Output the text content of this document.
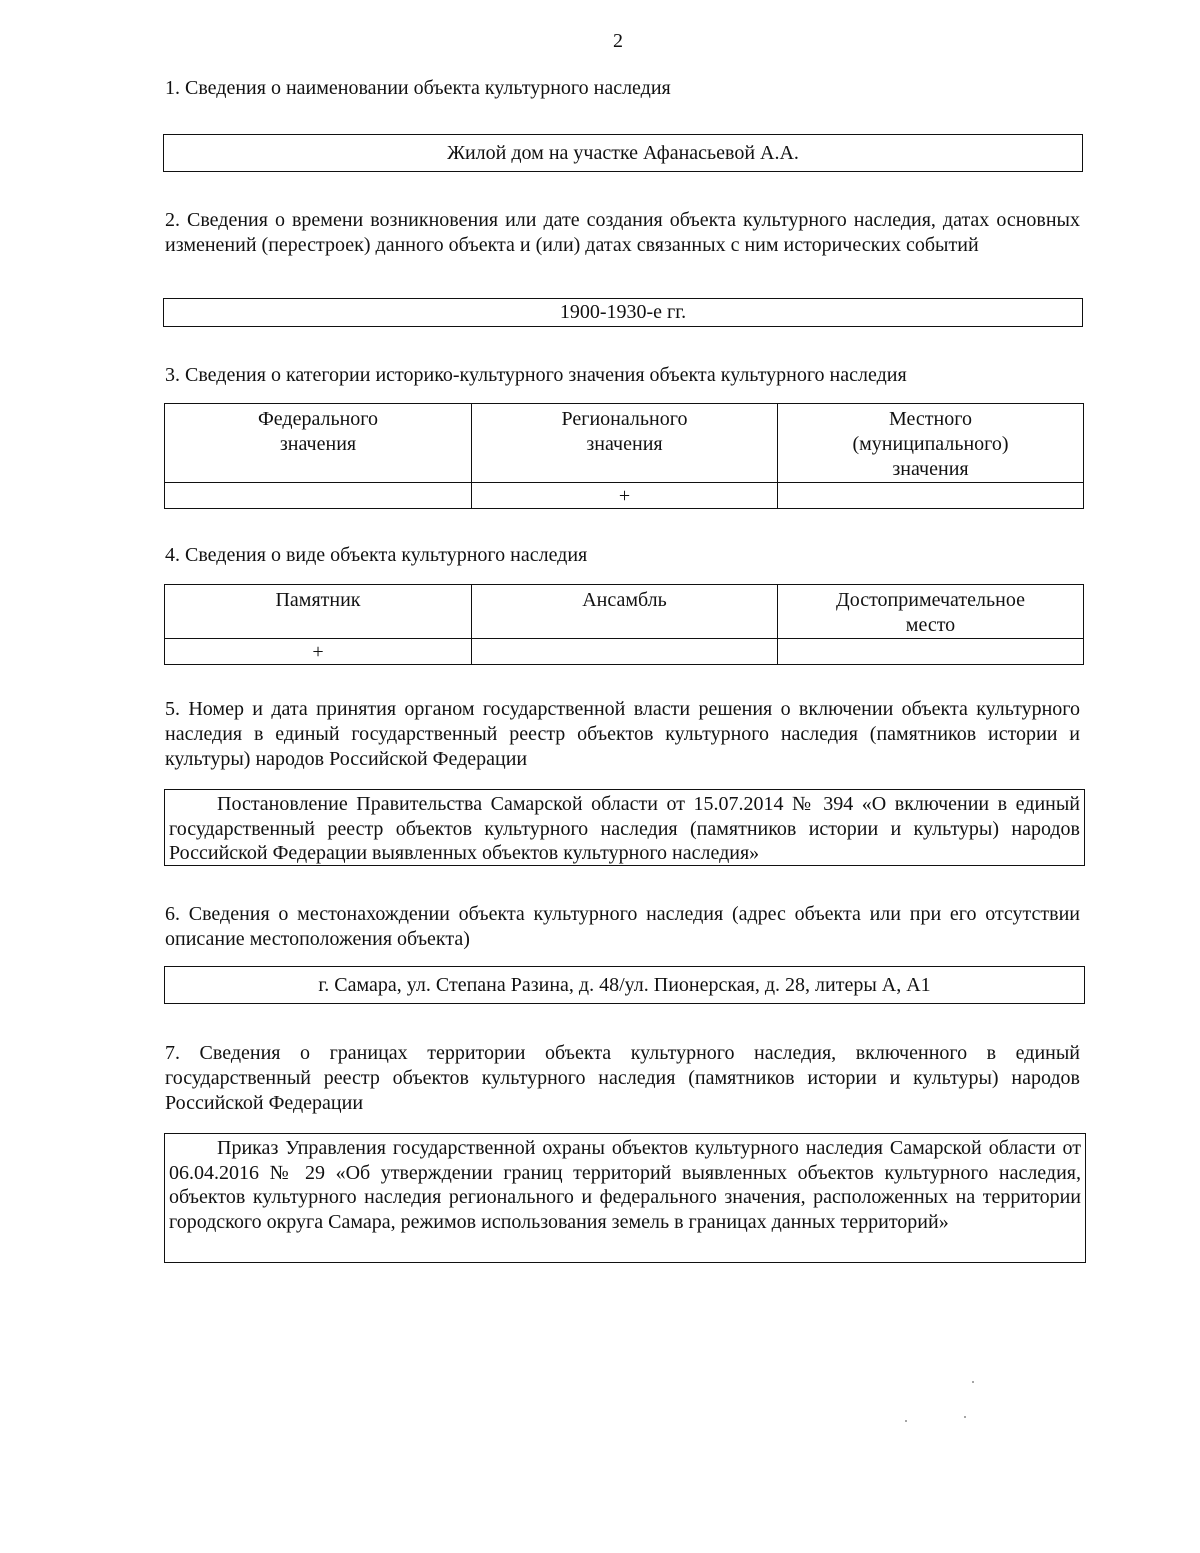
2
1. Сведения о наименовании объекта культурного наследия
Жилой дом на участке Афанасьевой А.А.
2. Сведения о времени возникновения или дате создания объекта культурного наследия, датах основных изменений (перестроек) данного объекта и (или) датах связанных с ним исторических событий
1900-1930-е гг.
3. Сведения о категории историко-культурного значения объекта культурного наследия
Федерального значения	Регионального значения	Местного (муниципального) значения

	+	
4. Сведения о виде объекта культурного наследия
Памятник	Ансамбль	Достопримечательное место

+		
5. Номер и дата принятия органом государственной власти решения о включении объекта культурного наследия в единый государственный реестр объектов культурного наследия (памятников истории и культуры) народов Российской Федерации
Постановление Правительства Самарской области от 15.07.2014 № 394 «О включении в единый государственный реестр объектов культурного наследия (памятников истории и культуры) народов Российской Федерации выявленных объектов культурного наследия»
6. Сведения о местонахождении объекта культурного наследия (адрес объекта или при его отсутствии описание местоположения объекта)
г. Самара, ул. Степана Разина, д. 48/ул. Пионерская, д. 28, литеры А, А1
7. Сведения о границах территории объекта культурного наследия, включенного в единый государственный реестр объектов культурного наследия (памятников истории и культуры) народов Российской Федерации
Приказ Управления государственной охраны объектов культурного наследия Самарской области от 06.04.2016 № 29 «Об утверждении границ территорий выявленных объектов культурного наследия, объектов культурного наследия регионального и федерального значения, расположенных на территории городского округа Самара, режимов использования земель в границах данных территорий»
